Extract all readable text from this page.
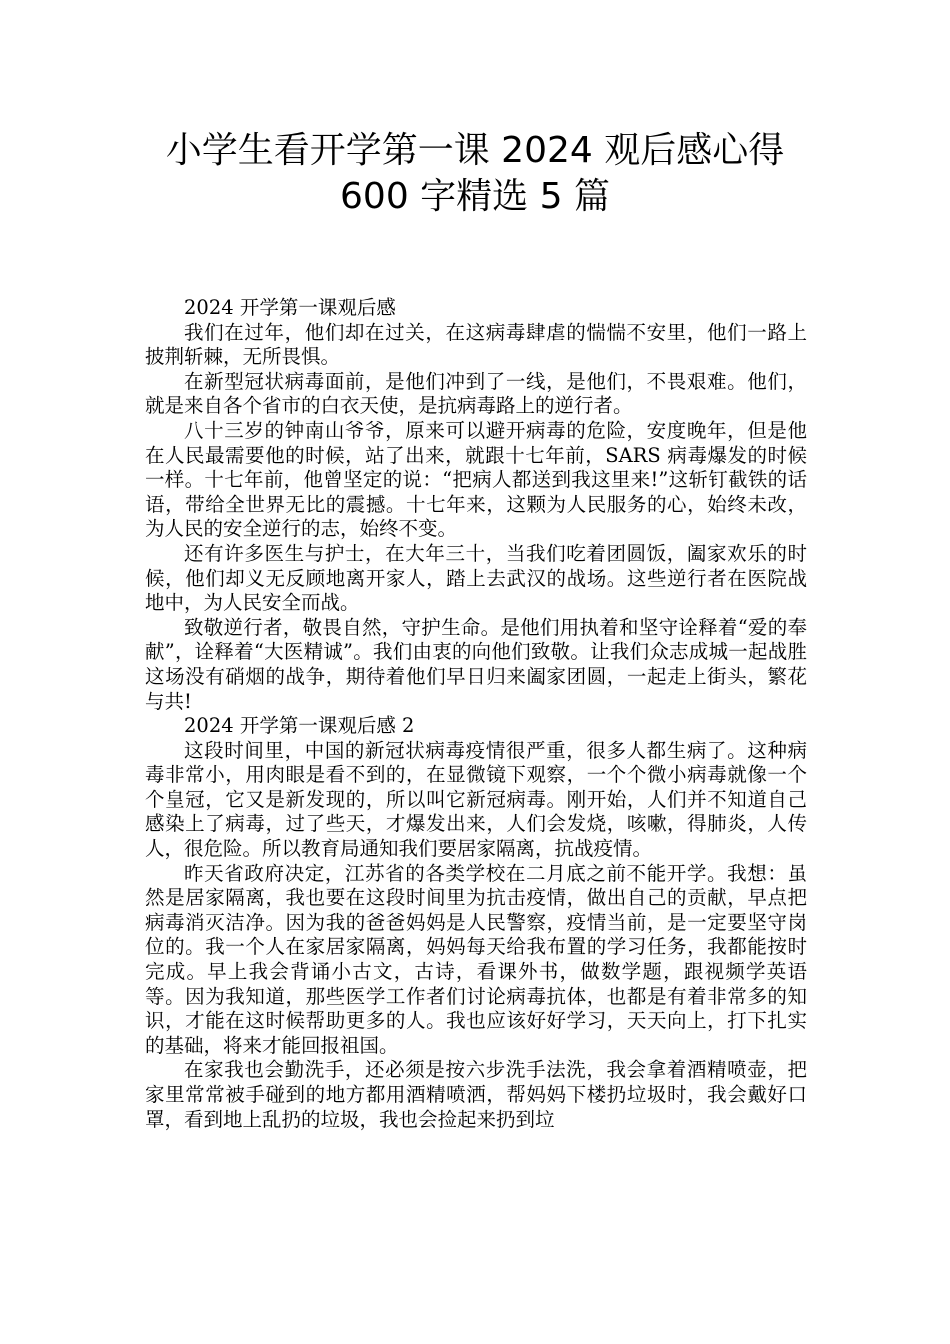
小学生看开学第一课 2024 观后感心得
600 字精选 5 篇

2024 开学第一课观后感

我们在过年，他们却在过关，在这病毒肆虐的惴惴不安里，他们一路上披荆斩棘，无所畏惧。

在新型冠状病毒面前，是他们冲到了一线，是他们，不畏艰难。他们，就是来自各个省市的白衣天使，是抗病毒路上的逆行者。

八十三岁的钟南山爷爷，原来可以避开病毒的危险，安度晚年，但是他在人民最需要他的时候，站了出来，就跟十七年前，SARS 病毒爆发的时候一样。十七年前，他曾坚定的说：“把病人都送到我这里来!”这斩钉截铁的话语，带给全世界无比的震撼。十七年来，这颗为人民服务的心，始终未改，为人民的安全逆行的志，始终不变。

还有许多医生与护士，在大年三十，当我们吃着团圆饭，阖家欢乐的时候，他们却义无反顾地离开家人，踏上去武汉的战场。这些逆行者在医院战地中，为人民安全而战。

致敬逆行者，敬畏自然，守护生命。是他们用执着和坚守诠释着“爱的奉献”，诠释着“大医精诚”。我们由衷的向他们致敬。让我们众志成城一起战胜这场没有硝烟的战争，期待着他们早日归来阖家团圆，一起走上街头，繁花与共!

2024 开学第一课观后感 2

这段时间里，中国的新冠状病毒疫情很严重，很多人都生病了。这种病毒非常小，用肉眼是看不到的，在显微镜下观察，一个个微小病毒就像一个个皇冠，它又是新发现的，所以叫它新冠病毒。刚开始，人们并不知道自己感染上了病毒，过了些天，才爆发出来，人们会发烧，咳嗽，得肺炎，人传人，很危险。所以教育局通知我们要居家隔离，抗战疫情。

昨天省政府决定，江苏省的各类学校在二月底之前不能开学。我想：虽然是居家隔离，我也要在这段时间里为抗击疫情，做出自己的贡献，早点把病毒消灭洁净。因为我的爸爸妈妈是人民警察，疫情当前，是一定要坚守岗位的。我一个人在家居家隔离，妈妈每天给我布置的学习任务，我都能按时完成。早上我会背诵小古文，古诗，看课外书，做数学题，跟视频学英语等。因为我知道，那些医学工作者们讨论病毒抗体，也都是有着非常多的知识，才能在这时候帮助更多的人。我也应该好好学习，天天向上，打下扎实的基础，将来才能回报祖国。

在家我也会勤洗手，还必须是按六步洗手法洗，我会拿着酒精喷壶，把家里常常被手碰到的地方都用酒精喷洒，帮妈妈下楼扔垃圾时，我会戴好口罩，看到地上乱扔的垃圾，我也会捡起来扔到垃
